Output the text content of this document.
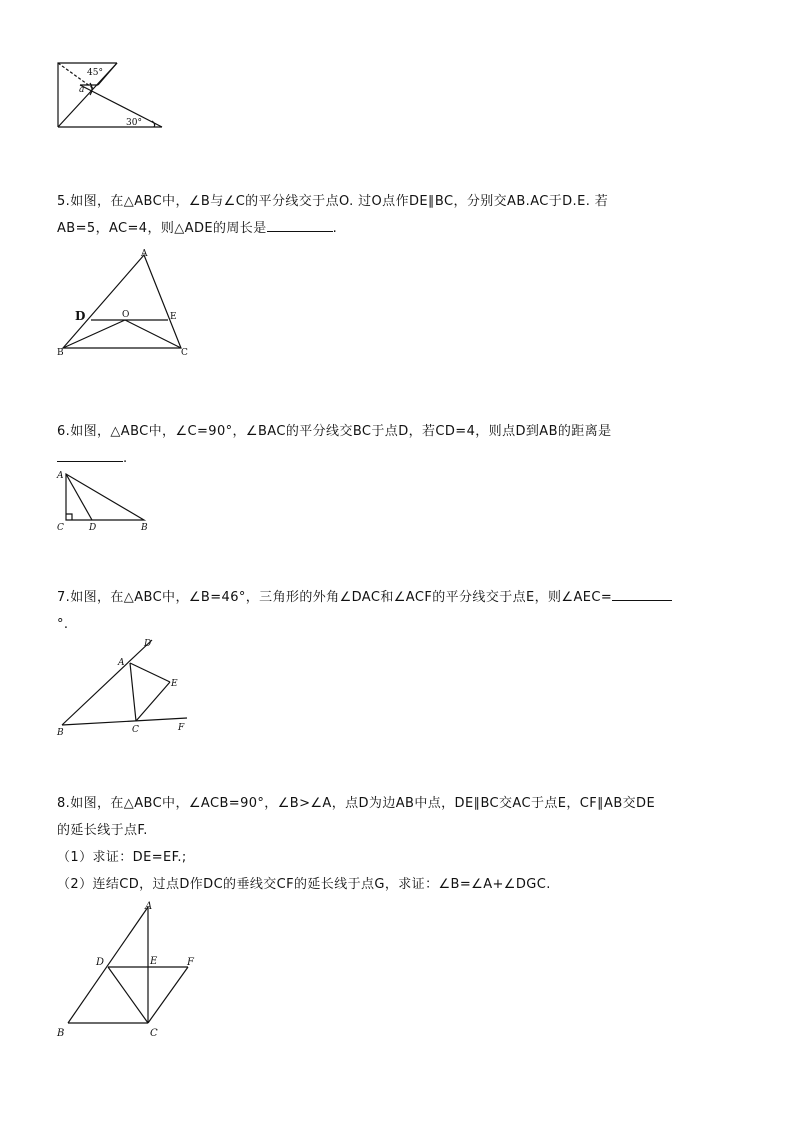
45°
a
30°
5.如图，在△ABC中，∠B与∠C的平分线交于点O. 过O点作DE∥BC，分别交AB.AC于D.E. 若
AB=5，AC=4，则△ADE的周长是	.
A
D	O	E
B	C
6.如图，△ABC中，∠C=90°，∠BAC的平分线交BC于点D，若CD=4，则点D到AB的距离是
.
A
C	D	B
7.如图，在△ABC中，∠B=46°，三角形的外角∠DAC和∠ACF的平分线交于点E，则∠AEC=
°.
D
A
E
B	C	F
8.如图，在△ABC中，∠ACB=90°，∠B>∠A，点D为边AB中点，DE∥BC交AC于点E，CF∥AB交DE
的延长线于点F.
（1）求证：DE=EF.;
（2）连结CD，过点D作DC的垂线交CF的延长线于点G，求证：∠B=∠A+∠DGC.
A
D	E	F
B	C
